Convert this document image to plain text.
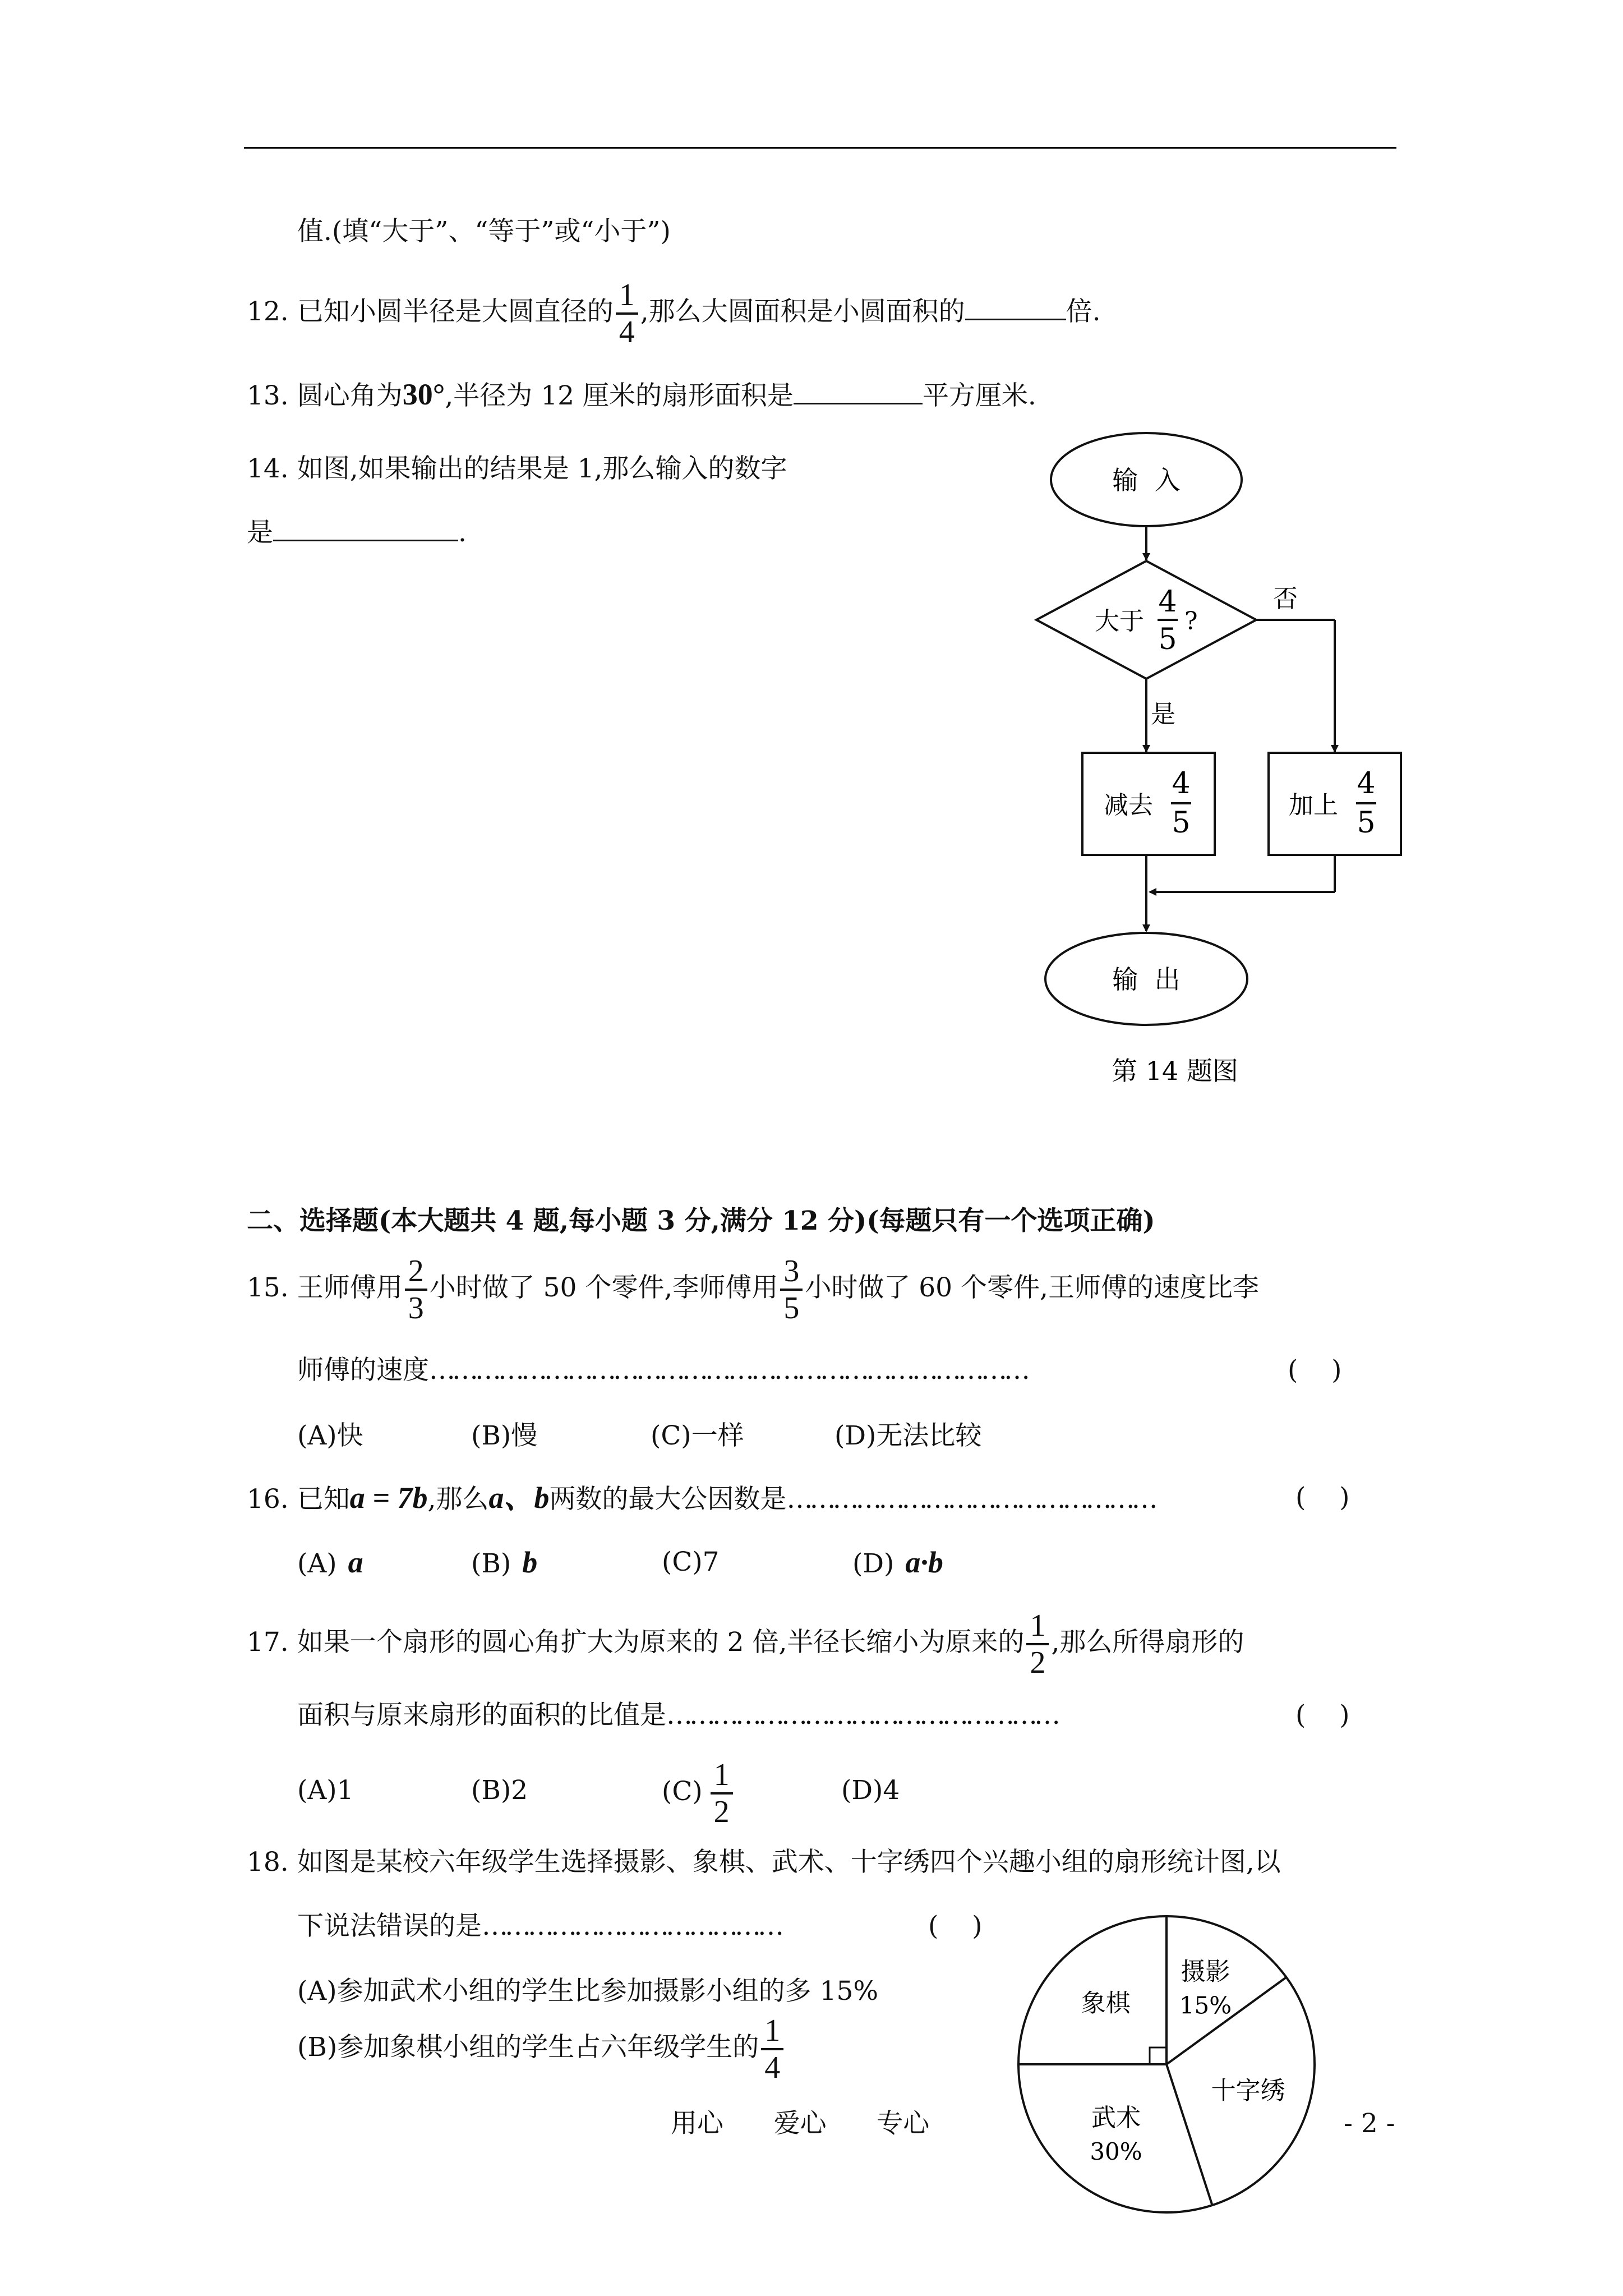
值.(填“大于”、“等于”或“小于”)
12. 已知小圆半径是大圆直径的 $\frac{1}{4}$ ,那么大圆面积是小圆面积的	倍.
13. 圆心角为30°,半径为 12 厘米的扇形面积是	平方厘米.
14. 如图,如果输出的结果是 1,那么输入的数字
是	.
输  入
大于
4
5
?
否
是
减去
4
5
加上
4
5
输  出
第 14 题图
二、选择题(本大题共 4 题,每小题 3 分,满分 12 分)(每题只有一个选项正确)
15. 王师傅用 $\frac{2}{3}$ 小时做了 50 个零件,李师傅用 $\frac{3}{5}$ 小时做了 60 个零件,王师傅的速度比李
师傅的速度……………………………………………………………………	(    )
(A)快	(B)慢	(C)一样	(D)无法比较
16. 已知a = 7b,那么a、b两数的最大公因数是…………………………………………	(    )
(A) a	(B) b	(C)7	(D) a·b
17. 如果一个扇形的圆心角扩大为原来的 2 倍,半径长缩小为原来的 $\frac{1}{2}$ ,那么所得扇形的
面积与原来扇形的面积的比值是……………………………………………	(    )
(A)1	(B)2	$(C) \frac{1}{2}$	(D)4
18. 如图是某校六年级学生选择摄影、象棋、武术、十字绣四个兴趣小组的扇形统计图,以
下说法错误的是…………………………………	(    )
(A)参加武术小组的学生比参加摄影小组的多 15%
(B)参加象棋小组的学生占六年级学生的 $\frac{1}{4}$
象棋
摄影
15%
十字绣
武术
30%
用心      爱心      专心	- 2 -
